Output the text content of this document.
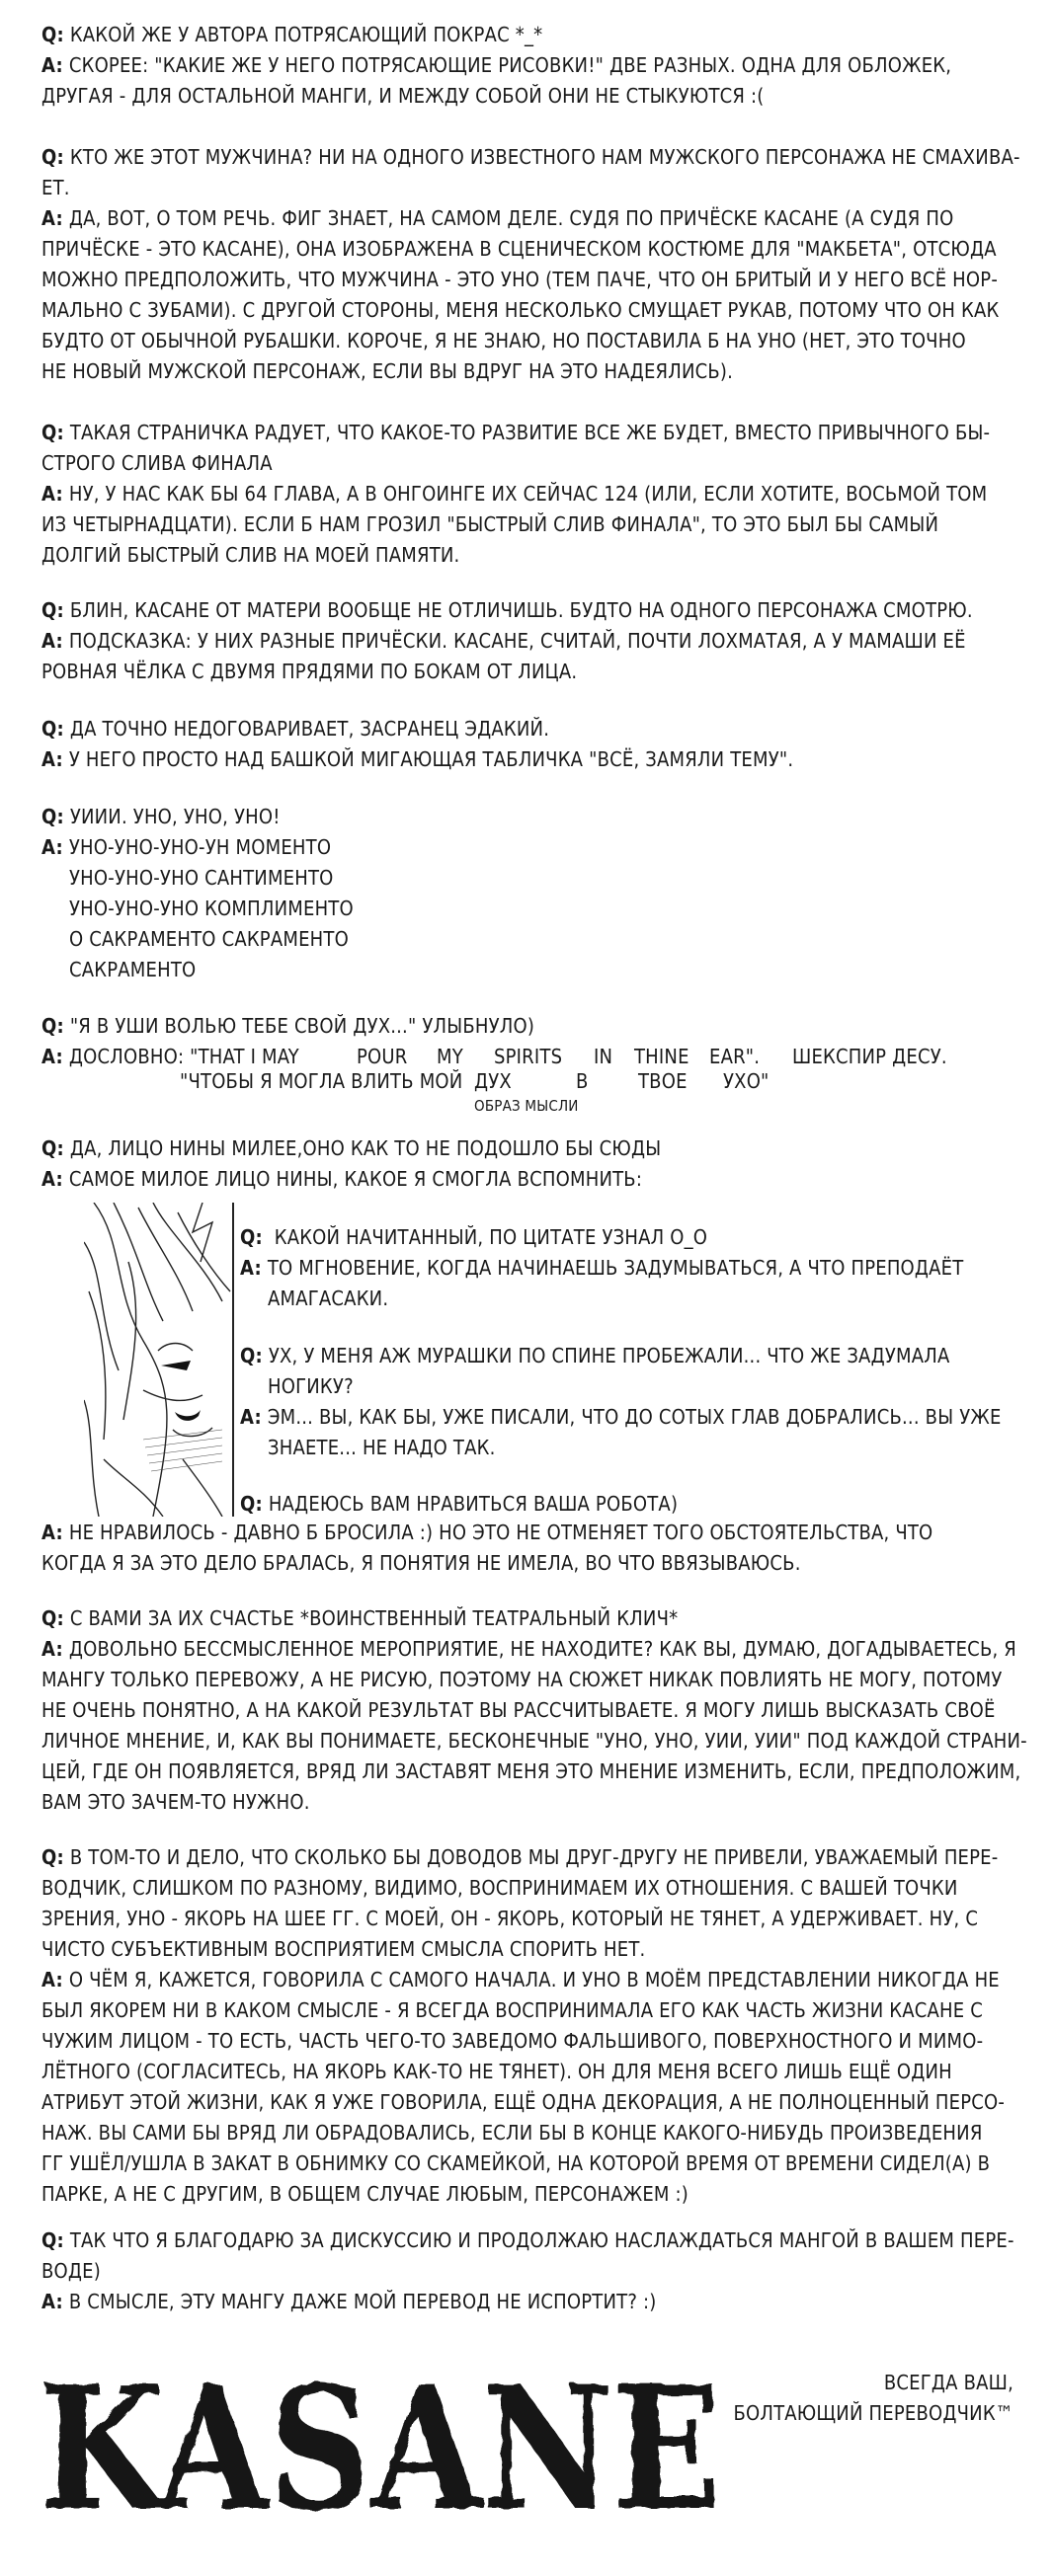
Q: КАКОЙ ЖЕ У АВТОРА ПОТРЯСАЮЩИЙ ПОКРАС *_*
A: СКОРЕЕ: "КАКИЕ ЖЕ У НЕГО ПОТРЯСАЮЩИЕ РИСОВКИ!" ДВЕ РАЗНЫХ. ОДНА ДЛЯ ОБЛОЖЕК,
ДРУГАЯ - ДЛЯ ОСТАЛЬНОЙ МАНГИ, И МЕЖДУ СОБОЙ ОНИ НЕ СТЫКУЮТСЯ :(
Q: КТО ЖЕ ЭТОТ МУЖЧИНА? НИ НА ОДНОГО ИЗВЕСТНОГО НАМ МУЖСКОГО ПЕРСОНАЖА НЕ СМАХИВА-
ЕТ.
A: ДА, ВОТ, О ТОМ РЕЧЬ. ФИГ ЗНАЕТ, НА САМОМ ДЕЛЕ. СУДЯ ПО ПРИЧЁСКЕ КАСАНЕ (А СУДЯ ПО
ПРИЧЁСКЕ - ЭТО КАСАНЕ), ОНА ИЗОБРАЖЕНА В СЦЕНИЧЕСКОМ КОСТЮМЕ ДЛЯ "МАКБЕТА", ОТСЮДА
МОЖНО ПРЕДПОЛОЖИТЬ, ЧТО МУЖЧИНА - ЭТО УНО (ТЕМ ПАЧЕ, ЧТО ОН БРИТЫЙ И У НЕГО ВСЁ НОР-
МАЛЬНО С ЗУБАМИ). С ДРУГОЙ СТОРОНЫ, МЕНЯ НЕСКОЛЬКО СМУЩАЕТ РУКАВ, ПОТОМУ ЧТО ОН КАК
БУДТО ОТ ОБЫЧНОЙ РУБАШКИ. КОРОЧЕ, Я НЕ ЗНАЮ, НО ПОСТАВИЛА Б НА УНО (НЕТ, ЭТО ТОЧНО
НЕ НОВЫЙ МУЖСКОЙ ПЕРСОНАЖ, ЕСЛИ ВЫ ВДРУГ НА ЭТО НАДЕЯЛИСЬ).
Q: ТАКАЯ СТРАНИЧКА РАДУЕТ, ЧТО КАКОЕ-ТО РАЗВИТИЕ ВСЕ ЖЕ БУДЕТ, ВМЕСТО ПРИВЫЧНОГО БЫ-
СТРОГО СЛИВА ФИНАЛА
A: НУ, У НАС КАК БЫ 64 ГЛАВА, А В ОНГОИНГЕ ИХ СЕЙЧАС 124 (ИЛИ, ЕСЛИ ХОТИТЕ, ВОСЬМОЙ ТОМ
ИЗ ЧЕТЫРНАДЦАТИ). ЕСЛИ Б НАМ ГРОЗИЛ "БЫСТРЫЙ СЛИВ ФИНАЛА", ТО ЭТО БЫЛ БЫ САМЫЙ
ДОЛГИЙ БЫСТРЫЙ СЛИВ НА МОЕЙ ПАМЯТИ.
Q: БЛИН, КАСАНЕ ОТ МАТЕРИ ВООБЩЕ НЕ ОТЛИЧИШЬ. БУДТО НА ОДНОГО ПЕРСОНАЖА СМОТРЮ.
A: ПОДСКАЗКА: У НИХ РАЗНЫЕ ПРИЧЁСКИ. КАСАНЕ, СЧИТАЙ, ПОЧТИ ЛОХМАТАЯ, А У МАМАШИ ЕЁ
РОВНАЯ ЧЁЛКА С ДВУМЯ ПРЯДЯМИ ПО БОКАМ ОТ ЛИЦА.
Q: ДА ТОЧНО НЕДОГОВАРИВАЕТ, ЗАСРАНЕЦ ЭДАКИЙ.
A: У НЕГО ПРОСТО НАД БАШКОЙ МИГАЮЩАЯ ТАБЛИЧКА "ВСЁ, ЗАМЯЛИ ТЕМУ".
Q: УИИИ. УНО, УНО, УНО!
A: УНО-УНО-УНО-УН МОМЕНТО
УНО-УНО-УНО САНТИМЕНТО
УНО-УНО-УНО КОМПЛИМЕНТО
О САКРАМЕНТО САКРАМЕНТО
САКРАМЕНТО
Q: "Я В УШИ ВОЛЬЮ ТЕБЕ СВОЙ ДУХ..." УЛЫБНУЛО)
A: ДОСЛОВНО: "THAT I MAY	POUR MY SPIRITS IN THINE EAR". ШЕКСПИР ДЕСУ.
"ЧТОБЫ Я МОГЛА ВЛИТЬ МОЙ ДУХ	В	ТВОЕ УХО"
ОБРАЗ МЫСЛИ
Q: ДА, ЛИЦО НИНЫ МИЛЕЕ,ОНО КАК ТО НЕ ПОДОШЛО БЫ СЮДЫ
A: САМОЕ МИЛОЕ ЛИЦО НИНЫ, КАКОЕ Я СМОГЛА ВСПОМНИТЬ:
Q: КАКОЙ НАЧИТАННЫЙ, ПО ЦИТАТЕ УЗНАЛ О_О
A: ТО МГНОВЕНИЕ, КОГДА НАЧИНАЕШЬ ЗАДУМЫВАТЬСЯ, А ЧТО ПРЕПОДАЁТ
АМАГАСАКИ.
Q: УХ, У МЕНЯ АЖ МУРАШКИ ПО СПИНЕ ПРОБЕЖАЛИ... ЧТО ЖЕ ЗАДУМАЛА
НОГИКУ?
A: ЭМ... ВЫ, КАК БЫ, УЖЕ ПИСАЛИ, ЧТО ДО СОТЫХ ГЛАВ ДОБРАЛИСЬ... ВЫ УЖЕ
ЗНАЕТЕ... НЕ НАДО ТАК.
Q: НАДЕЮСЬ ВАМ НРАВИТЬСЯ ВАША РОБОТА)
A: НЕ НРАВИЛОСЬ - ДАВНО Б БРОСИЛА :) НО ЭТО НЕ ОТМЕНЯЕТ ТОГО ОБСТОЯТЕЛЬСТВА, ЧТО
КОГДА Я ЗА ЭТО ДЕЛО БРАЛАСЬ, Я ПОНЯТИЯ НЕ ИМЕЛА, ВО ЧТО ВВЯЗЫВАЮСЬ.
Q: С ВАМИ ЗА ИХ СЧАСТЬЕ *ВОИНСТВЕННЫЙ ТЕАТРАЛЬНЫЙ КЛИЧ*
A: ДОВОЛЬНО БЕССМЫСЛЕННОЕ МЕРОПРИЯТИЕ, НЕ НАХОДИТЕ? КАК ВЫ, ДУМАЮ, ДОГАДЫВАЕТЕСЬ, Я
МАНГУ ТОЛЬКО ПЕРЕВОЖУ, А НЕ РИСУЮ, ПОЭТОМУ НА СЮЖЕТ НИКАК ПОВЛИЯТЬ НЕ МОГУ, ПОТОМУ
НЕ ОЧЕНЬ ПОНЯТНО, А НА КАКОЙ РЕЗУЛЬТАТ ВЫ РАССЧИТЫВАЕТЕ. Я МОГУ ЛИШЬ ВЫСКАЗАТЬ СВОЁ
ЛИЧНОЕ МНЕНИЕ, И, КАК ВЫ ПОНИМАЕТЕ, БЕСКОНЕЧНЫЕ "УНО, УНО, УИИ, УИИ" ПОД КАЖДОЙ СТРАНИ-
ЦЕЙ, ГДЕ ОН ПОЯВЛЯЕТСЯ, ВРЯД ЛИ ЗАСТАВЯТ МЕНЯ ЭТО МНЕНИЕ ИЗМЕНИТЬ, ЕСЛИ, ПРЕДПОЛОЖИМ,
ВАМ ЭТО ЗАЧЕМ-ТО НУЖНО.
Q: В ТОМ-ТО И ДЕЛО, ЧТО СКОЛЬКО БЫ ДОВОДОВ МЫ ДРУГ-ДРУГУ НЕ ПРИВЕЛИ, УВАЖАЕМЫЙ ПЕРЕ-
ВОДЧИК, СЛИШКОМ ПО РАЗНОМУ, ВИДИМО, ВОСПРИНИМАЕМ ИХ ОТНОШЕНИЯ. С ВАШЕЙ ТОЧКИ
ЗРЕНИЯ, УНО - ЯКОРЬ НА ШЕЕ ГГ. С МОЕЙ, ОН - ЯКОРЬ, КОТОРЫЙ НЕ ТЯНЕТ, А УДЕРЖИВАЕТ. НУ, С
ЧИСТО СУБЪЕКТИВНЫМ ВОСПРИЯТИЕМ СМЫСЛА СПОРИТЬ НЕТ.
A: О ЧЁМ Я, КАЖЕТСЯ, ГОВОРИЛА С САМОГО НАЧАЛА. И УНО В МОЁМ ПРЕДСТАВЛЕНИИ НИКОГДА НЕ
БЫЛ ЯКОРЕМ НИ В КАКОМ СМЫСЛЕ - Я ВСЕГДА ВОСПРИНИМАЛА ЕГО КАК ЧАСТЬ ЖИЗНИ КАСАНЕ С
ЧУЖИМ ЛИЦОМ - ТО ЕСТЬ, ЧАСТЬ ЧЕГО-ТО ЗАВЕДОМО ФАЛЬШИВОГО, ПОВЕРХНОСТНОГО И МИМО-
ЛЁТНОГО (СОГЛАСИТЕСЬ, НА ЯКОРЬ КАК-ТО НЕ ТЯНЕТ). ОН ДЛЯ МЕНЯ ВСЕГО ЛИШЬ ЕЩЁ ОДИН
АТРИБУТ ЭТОЙ ЖИЗНИ, КАК Я УЖЕ ГОВОРИЛА, ЕЩЁ ОДНА ДЕКОРАЦИЯ, А НЕ ПОЛНОЦЕННЫЙ ПЕРСО-
НАЖ. ВЫ САМИ БЫ ВРЯД ЛИ ОБРАДОВАЛИСЬ, ЕСЛИ БЫ В КОНЦЕ КАКОГО-НИБУДЬ ПРОИЗВЕДЕНИЯ
ГГ УШЁЛ/УШЛА В ЗАКАТ В ОБНИМКУ СО СКАМЕЙКОЙ, НА КОТОРОЙ ВРЕМЯ ОТ ВРЕМЕНИ СИДЕЛ(А) В
ПАРКЕ, А НЕ С ДРУГИМ, В ОБЩЕМ СЛУЧАЕ ЛЮБЫМ, ПЕРСОНАЖЕМ :)
Q: ТАК ЧТО Я БЛАГОДАРЮ ЗА ДИСКУССИЮ И ПРОДОЛЖАЮ НАСЛАЖДАТЬСЯ МАНГОЙ В ВАШЕМ ПЕРЕ-
ВОДЕ)
A: В СМЫСЛЕ, ЭТУ МАНГУ ДАЖЕ МОЙ ПЕРЕВОД НЕ ИСПОРТИТ? :)
KASANE	ВСЕГДА ВАШ,
БОЛТАЮЩИЙ ПЕРЕВОДЧИК™
